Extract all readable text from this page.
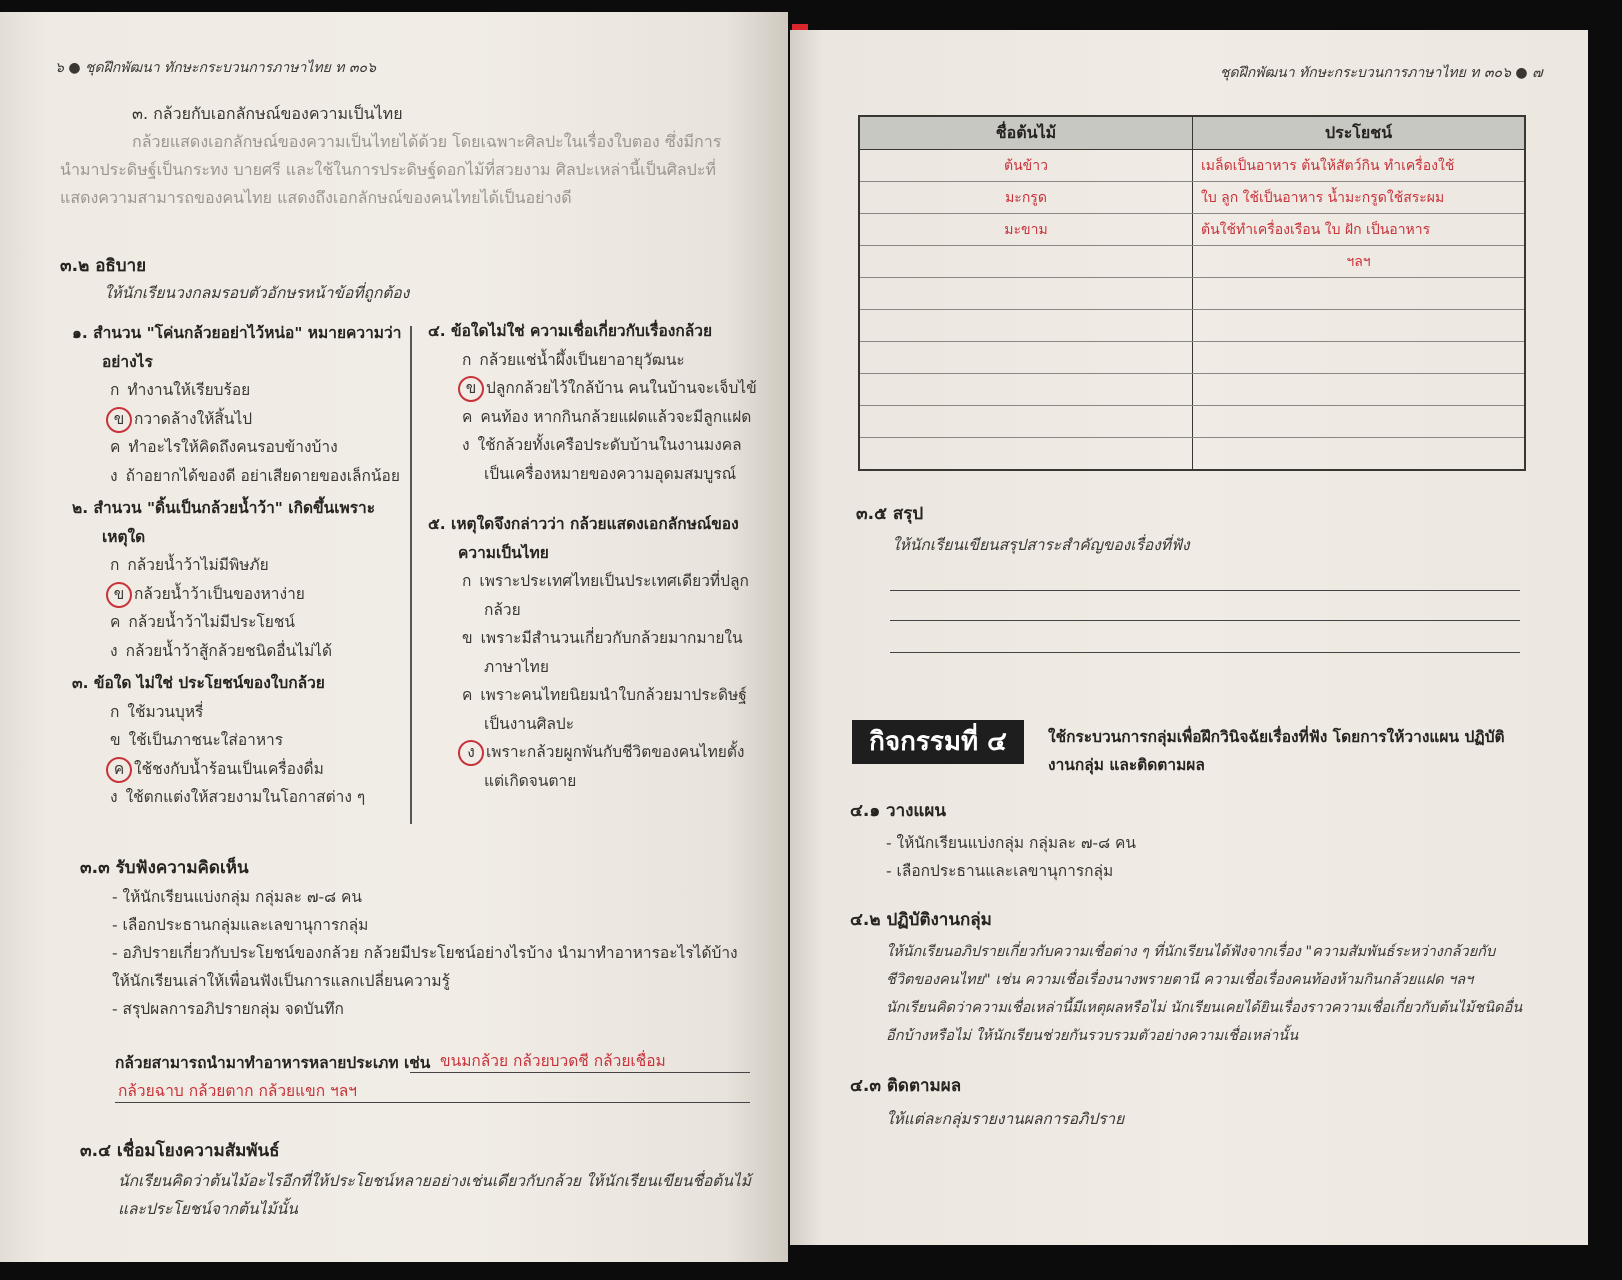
๖ ● ชุดฝึกพัฒนา ทักษะกระบวนการภาษาไทย ท ๓๐๖
๓. กล้วยกับเอกลักษณ์ของความเป็นไทย
กล้วยแสดงเอกลักษณ์ของความเป็นไทยได้ด้วย โดยเฉพาะศิลปะในเรื่องใบตอง ซึ่งมีการ
นำมาประดิษฐ์เป็นกระทง บายศรี และใช้ในการประดิษฐ์ดอกไม้ที่สวยงาม ศิลปะเหล่านี้เป็นศิลปะที่
แสดงความสามารถของคนไทย แสดงถึงเอกลักษณ์ของคนไทยได้เป็นอย่างดี
๓.๒ อธิบาย
ให้นักเรียนวงกลมรอบตัวอักษรหน้าข้อที่ถูกต้อง
๓.๓ รับฟังความคิดเห็น
- ให้นักเรียนแบ่งกลุ่ม กลุ่มละ ๗-๘ คน
- เลือกประธานกลุ่มและเลขานุการกลุ่ม
- อภิปรายเกี่ยวกับประโยชน์ของกล้วย กล้วยมีประโยชน์อย่างไรบ้าง นำมาทำอาหารอะไรได้บ้าง
ให้นักเรียนเล่าให้เพื่อนฟังเป็นการแลกเปลี่ยนความรู้
- สรุปผลการอภิปรายกลุ่ม จดบันทึก
กล้วยสามารถนำมาทำอาหารหลายประเภท เช่น ขนมกล้วย กล้วยบวดชี กล้วยเชื่อม
กล้วยฉาบ กล้วยตาก กล้วยแขก ฯลฯ
๓.๔ เชื่อมโยงความสัมพันธ์
นักเรียนคิดว่าต้นไม้อะไรอีกที่ให้ประโยชน์หลายอย่างเช่นเดียวกับกล้วย ให้นักเรียนเขียนชื่อต้นไม้
และประโยชน์จากต้นไม้นั้น
๑. สำนวน "โค่นกล้วยอย่าไว้หน่อ" หมายความว่า
อย่างไร
ก ทำงานให้เรียบร้อย
ข กวาดล้างให้สิ้นไป
ค ทำอะไรให้คิดถึงคนรอบข้างบ้าง
ง ถ้าอยากได้ของดี อย่าเสียดายของเล็กน้อย
๒. สำนวน "ดิ้นเป็นกล้วยน้ำว้า" เกิดขึ้นเพราะ
เหตุใด
ก กล้วยน้ำว้าไม่มีพิษภัย
ข กล้วยน้ำว้าเป็นของหาง่าย
ค กล้วยน้ำว้าไม่มีประโยชน์
ง กล้วยน้ำว้าสู้กล้วยชนิดอื่นไม่ได้
๓. ข้อใด ไม่ใช่ ประโยชน์ของใบกล้วย
ก ใช้มวนบุหรี่
ข ใช้เป็นภาชนะใส่อาหาร
ค ใช้ชงกับน้ำร้อนเป็นเครื่องดื่ม
ง ใช้ตกแต่งให้สวยงามในโอกาสต่าง ๆ
๔. ข้อใดไม่ใช่ ความเชื่อเกี่ยวกับเรื่องกล้วย
ก กล้วยแช่น้ำผึ้งเป็นยาอายุวัฒนะ
ข ปลูกกล้วยไว้ใกล้บ้าน คนในบ้านจะเจ็บไข้
ค คนท้อง หากกินกล้วยแฝดแล้วจะมีลูกแฝด
ง ใช้กล้วยทั้งเครือประดับบ้านในงานมงคล
เป็นเครื่องหมายของความอุดมสมบูรณ์
๕. เหตุใดจึงกล่าวว่า กล้วยแสดงเอกลักษณ์ของ
ความเป็นไทย
ก เพราะประเทศไทยเป็นประเทศเดียวที่ปลูก
กล้วย
ข เพราะมีสำนวนเกี่ยวกับกล้วยมากมายใน
ภาษาไทย
ค เพราะคนไทยนิยมนำใบกล้วยมาประดิษฐ์
เป็นงานศิลปะ
ง เพราะกล้วยผูกพันกับชีวิตของคนไทยตั้ง
แต่เกิดจนตาย
ชุดฝึกพัฒนา ทักษะกระบวนการภาษาไทย ท ๓๐๖ ● ๗
ชื่อต้นไม้	ประโยชน์
ต้นข้าว	เมล็ดเป็นอาหาร ต้นให้สัตว์กิน ทำเครื่องใช้
มะกรูด	ใบ ลูก ใช้เป็นอาหาร น้ำมะกรูดใช้สระผม
มะขาม	ต้นใช้ทำเครื่องเรือน ใบ ฝัก เป็นอาหาร
	ฯลฯ

๓.๕ สรุป
ให้นักเรียนเขียนสรุปสาระสำคัญของเรื่องที่ฟัง
กิจกรรมที่ ๔	ใช้กระบวนการกลุ่มเพื่อฝึกวินิจฉัยเรื่องที่ฟัง โดยการให้วางแผน ปฏิบัติ
งานกลุ่ม และติดตามผล
๔.๑ วางแผน
- ให้นักเรียนแบ่งกลุ่ม กลุ่มละ ๗-๘ คน
- เลือกประธานและเลขานุการกลุ่ม
๔.๒ ปฏิบัติงานกลุ่ม
ให้นักเรียนอภิปรายเกี่ยวกับความเชื่อต่าง ๆ ที่นักเรียนได้ฟังจากเรื่อง "ความสัมพันธ์ระหว่างกล้วยกับ
ชีวิตของคนไทย" เช่น ความเชื่อเรื่องนางพรายตานี ความเชื่อเรื่องคนท้องห้ามกินกล้วยแฝด ฯลฯ
นักเรียนคิดว่าความเชื่อเหล่านี้มีเหตุผลหรือไม่ นักเรียนเคยได้ยินเรื่องราวความเชื่อเกี่ยวกับต้นไม้ชนิดอื่น
อีกบ้างหรือไม่ ให้นักเรียนช่วยกันรวบรวมตัวอย่างความเชื่อเหล่านั้น
๔.๓ ติดตามผล
ให้แต่ละกลุ่มรายงานผลการอภิปราย
